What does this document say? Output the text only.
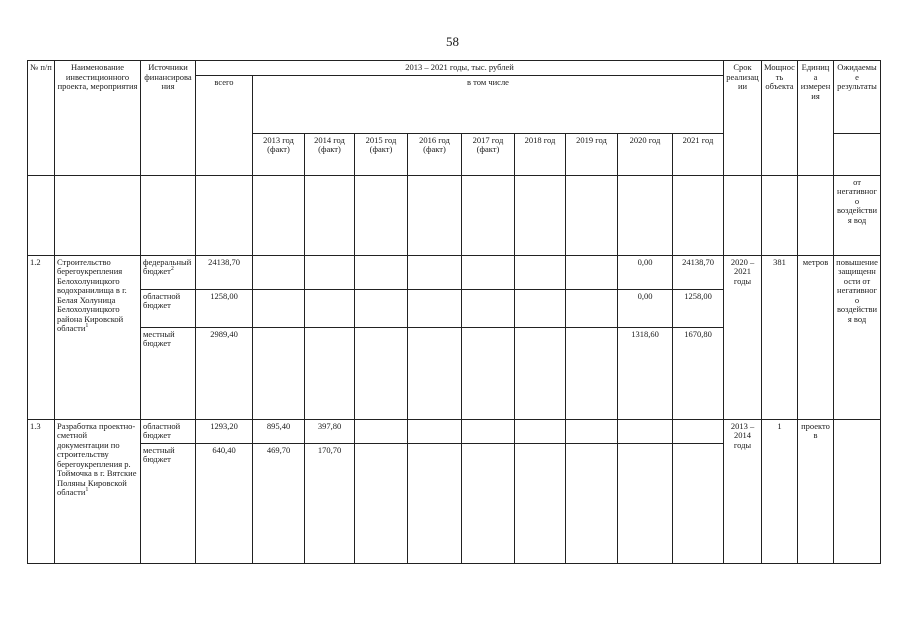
58
№ п/п	Наименование инвестиционного проекта, мероприятия	Источники финансирования	2013 – 2021 годы, тыс. рублей										Срок реализации	Мощность объекта	Единица измерения	Ожидаемые результаты
			всего	в том числе												
				2013 год (факт)	2014 год (факт)	2015 год (факт)	2016 год (факт)	2017 год (факт)	2018 год	2019 год	2020 год	2021 год				
																от негативного воздействия вод
1.2	Строительство берегоукрепления Белохолуницкого водохранилища в г. Белая Холуница Белохолуницкого района Кировской области$^1$	федеральный бюджет$^2$	24138,70								0,00	24138,70	2020 – 2021 годы	381	метров	повышение защищенности от негативного воздействия вод
		областной бюджет	1258,00								0,00	1258,00				
		местный бюджет	2989,40								1318,60	1670,80				
1.3	Разработка проектно-сметной документации по строительству берегоукрепления р. Тоймочка в г. Вятские Поляны Кировской области$^1$	областной бюджет	1293,20	895,40	397,80								2013 – 2014 годы	1	проектов	
		местный бюджет	640,40	469,70	170,70											
